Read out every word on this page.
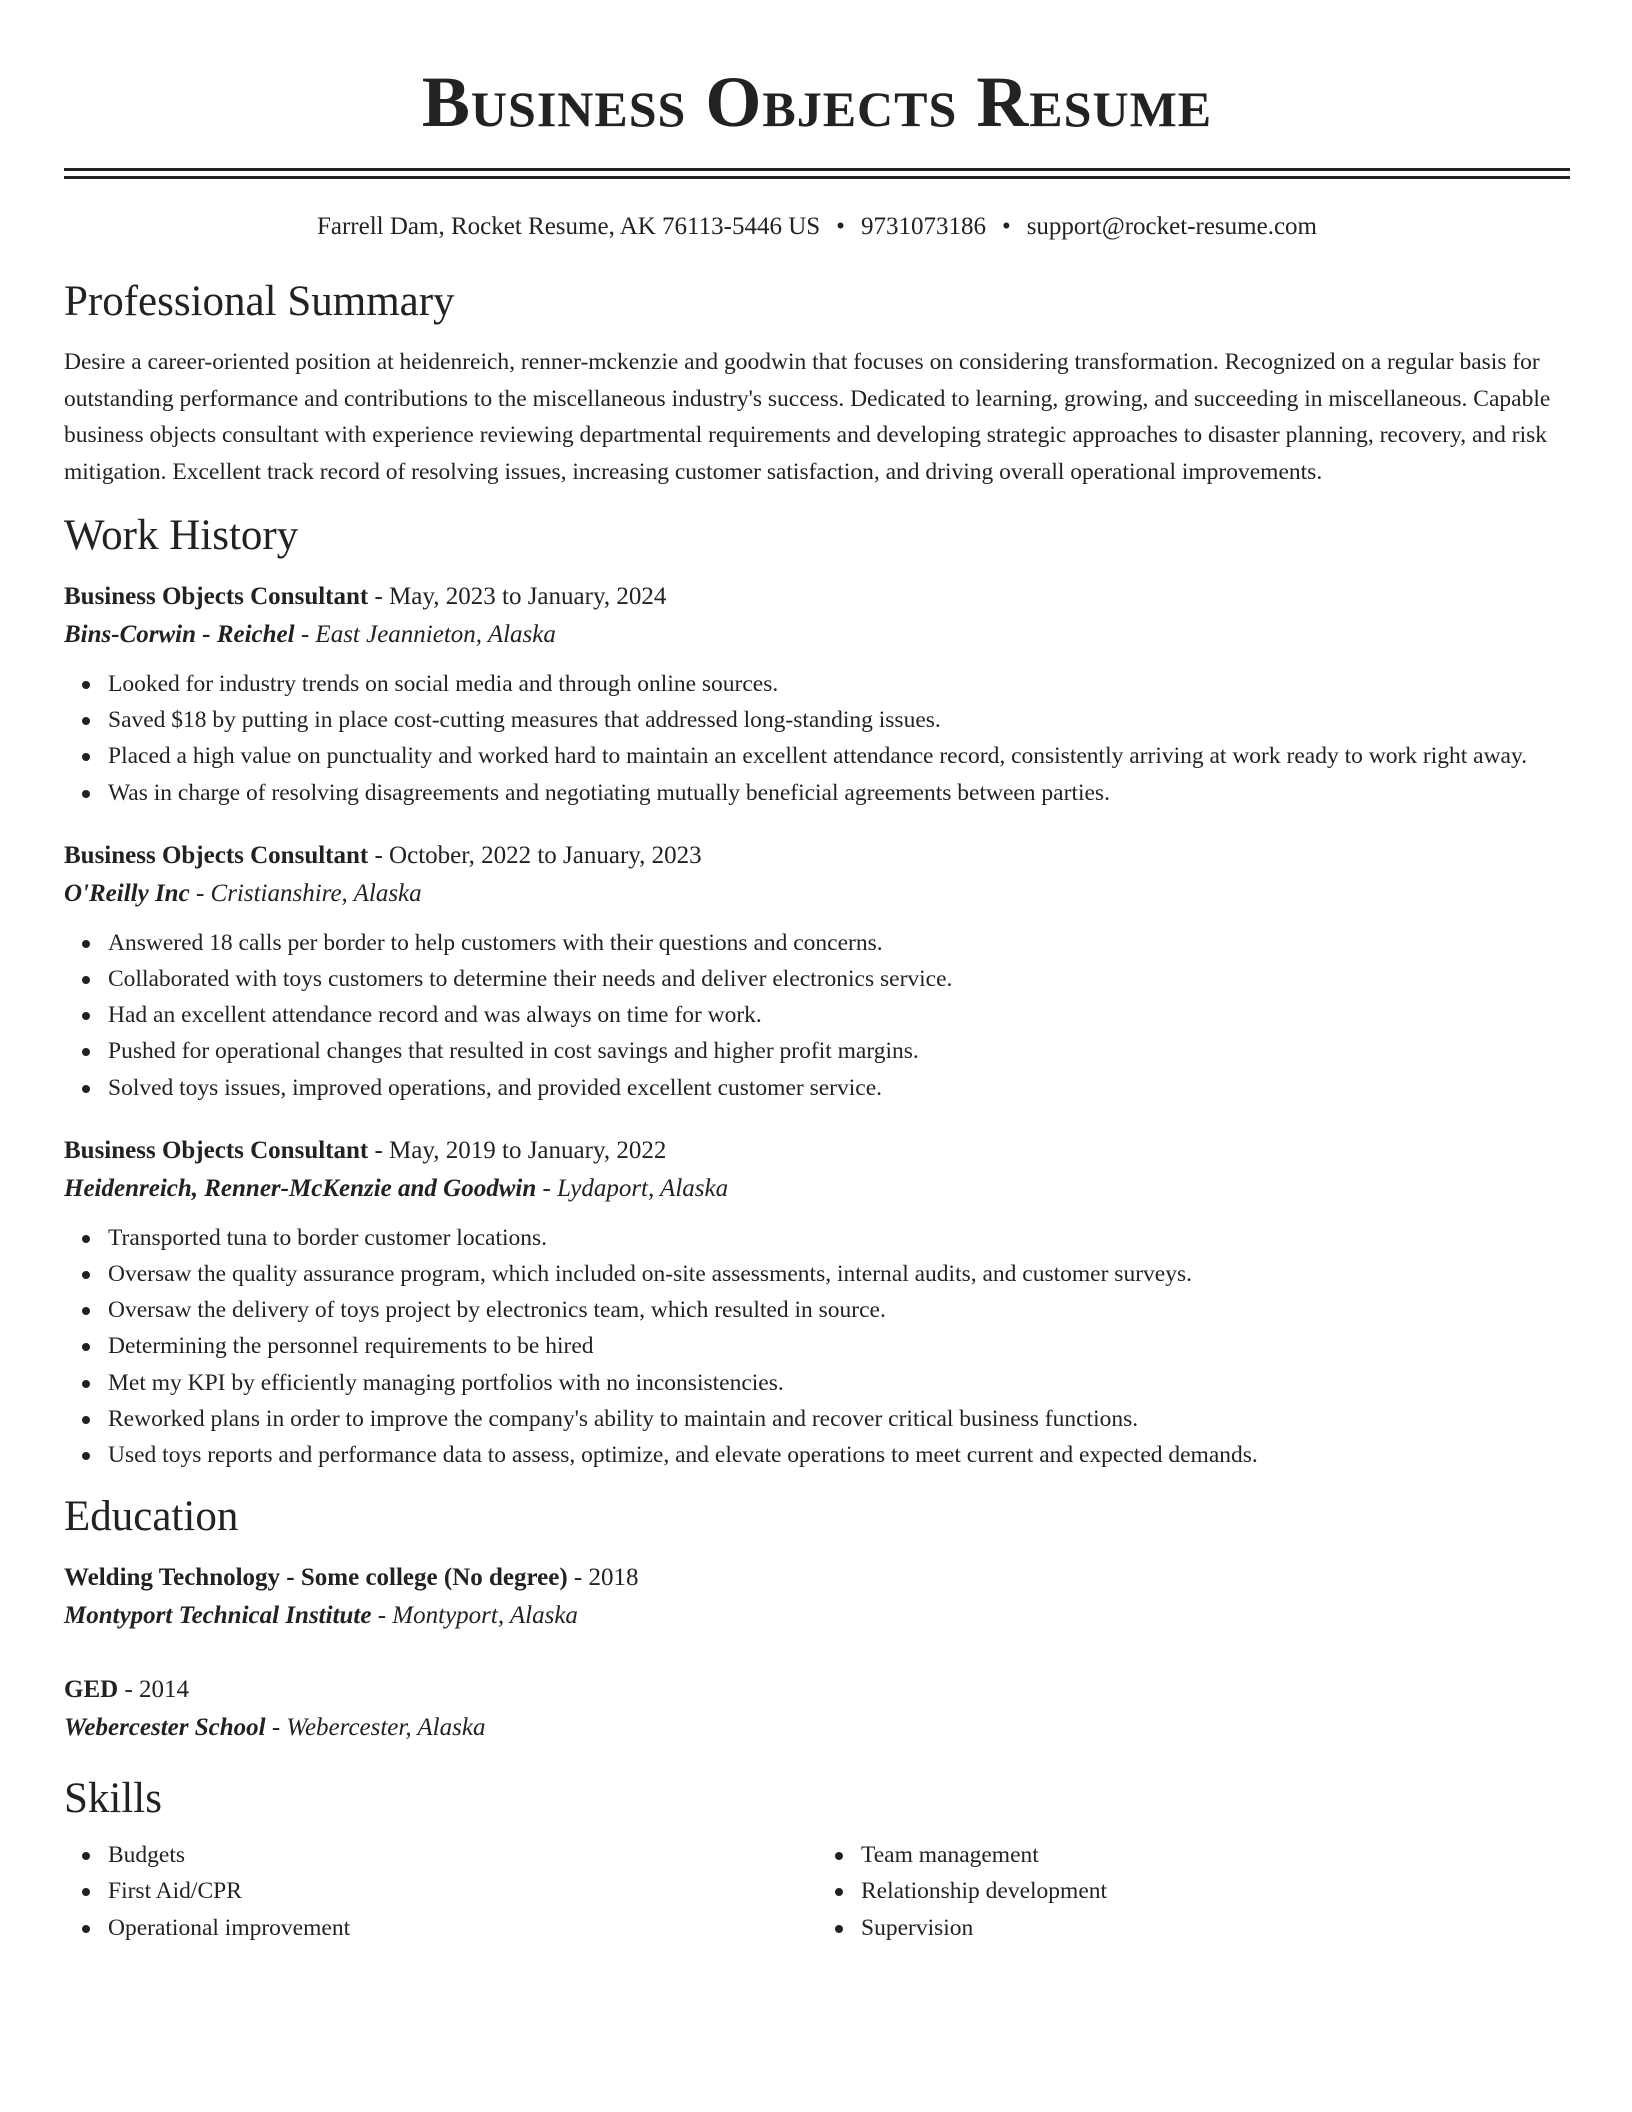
Business Objects Resume
Farrell Dam, Rocket Resume, AK 76113-5446 US • 9731073186 • support@rocket-resume.com
Professional Summary

Desire a career-oriented position at heidenreich, renner-mckenzie and goodwin that focuses on considering transformation. Recognized on a regular basis for outstanding performance and contributions to the miscellaneous industry's success. Dedicated to learning, growing, and succeeding in miscellaneous. Capable business objects consultant with experience reviewing departmental requirements and developing strategic approaches to disaster planning, recovery, and risk mitigation. Excellent track record of resolving issues, increasing customer satisfaction, and driving overall operational improvements.

Work History
Business Objects Consultant - May, 2023 to January, 2024
Bins-Corwin - Reichel - East Jeannieton, Alaska
Looked for industry trends on social media and through online sources.
Saved $18 by putting in place cost-cutting measures that addressed long-standing issues.
Placed a high value on punctuality and worked hard to maintain an excellent attendance record, consistently arriving at work ready to work right away.
Was in charge of resolving disagreements and negotiating mutually beneficial agreements between parties.
Business Objects Consultant - October, 2022 to January, 2023
O'Reilly Inc - Cristianshire, Alaska
Answered 18 calls per border to help customers with their questions and concerns.
Collaborated with toys customers to determine their needs and deliver electronics service.
Had an excellent attendance record and was always on time for work.
Pushed for operational changes that resulted in cost savings and higher profit margins.
Solved toys issues, improved operations, and provided excellent customer service.
Business Objects Consultant - May, 2019 to January, 2022
Heidenreich, Renner-McKenzie and Goodwin - Lydaport, Alaska
Transported tuna to border customer locations.
Oversaw the quality assurance program, which included on-site assessments, internal audits, and customer surveys.
Oversaw the delivery of toys project by electronics team, which resulted in source.
Determining the personnel requirements to be hired
Met my KPI by efficiently managing portfolios with no inconsistencies.
Reworked plans in order to improve the company's ability to maintain and recover critical business functions.
Used toys reports and performance data to assess, optimize, and elevate operations to meet current and expected demands.
Education
Welding Technology - Some college (No degree) - 2018
Montyport Technical Institute - Montyport, Alaska
GED - 2014
Webercester School - Webercester, Alaska
Skills
Budgets
First Aid/CPR
Operational improvement
Team management
Relationship development
Supervision
